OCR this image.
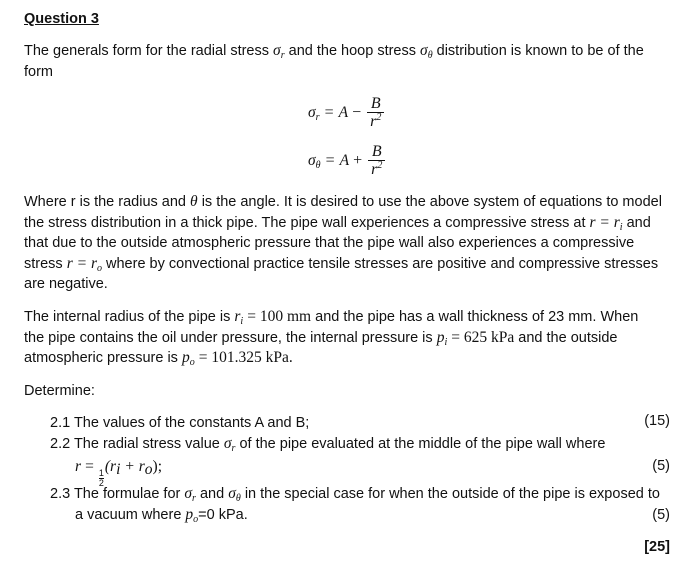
Question 3
The generals form for the radial stress $\sigma_r$ and the hoop stress $\sigma_\theta$ distribution is known to be of the
form
$\sigma_r = A - \frac{B}{r^2}$
$\sigma_\theta = A + \frac{B}{r^2}$
Where r is the radius and θ is the angle. It is desired to use the above system of equations to model
the stress distribution in a thick pipe. The pipe wall experiences a compressive stress at $r = r_i$ and
that due to the outside atmospheric pressure that the pipe wall also experiences a compressive
stress $r = r_o$ where by convectional practice tensile stresses are positive and compressive stresses
are negative.
The internal radius of the pipe is $r_i = 100$ mm and the pipe has a wall thickness of 23 mm. When
the pipe contains the oil under pressure, the internal pressure is $p_i = 625$ kPa and the outside
atmospheric pressure is $p_o = 101.325$ kPa.
Determine:
2.1 The values of the constants A and B;	(15)
2.2 The radial stress value $\sigma_r$ of the pipe evaluated at the middle of the pipe wall where
r =
$\frac{1}{2}$
$(r_i + r_o)$;	(5)
2.3 The formulae for $\sigma_r$ and $\sigma_\theta$ in the special case for when the outside of the pipe is exposed to
a vacuum where $p_o=0$ kPa.	(5)
[25]
